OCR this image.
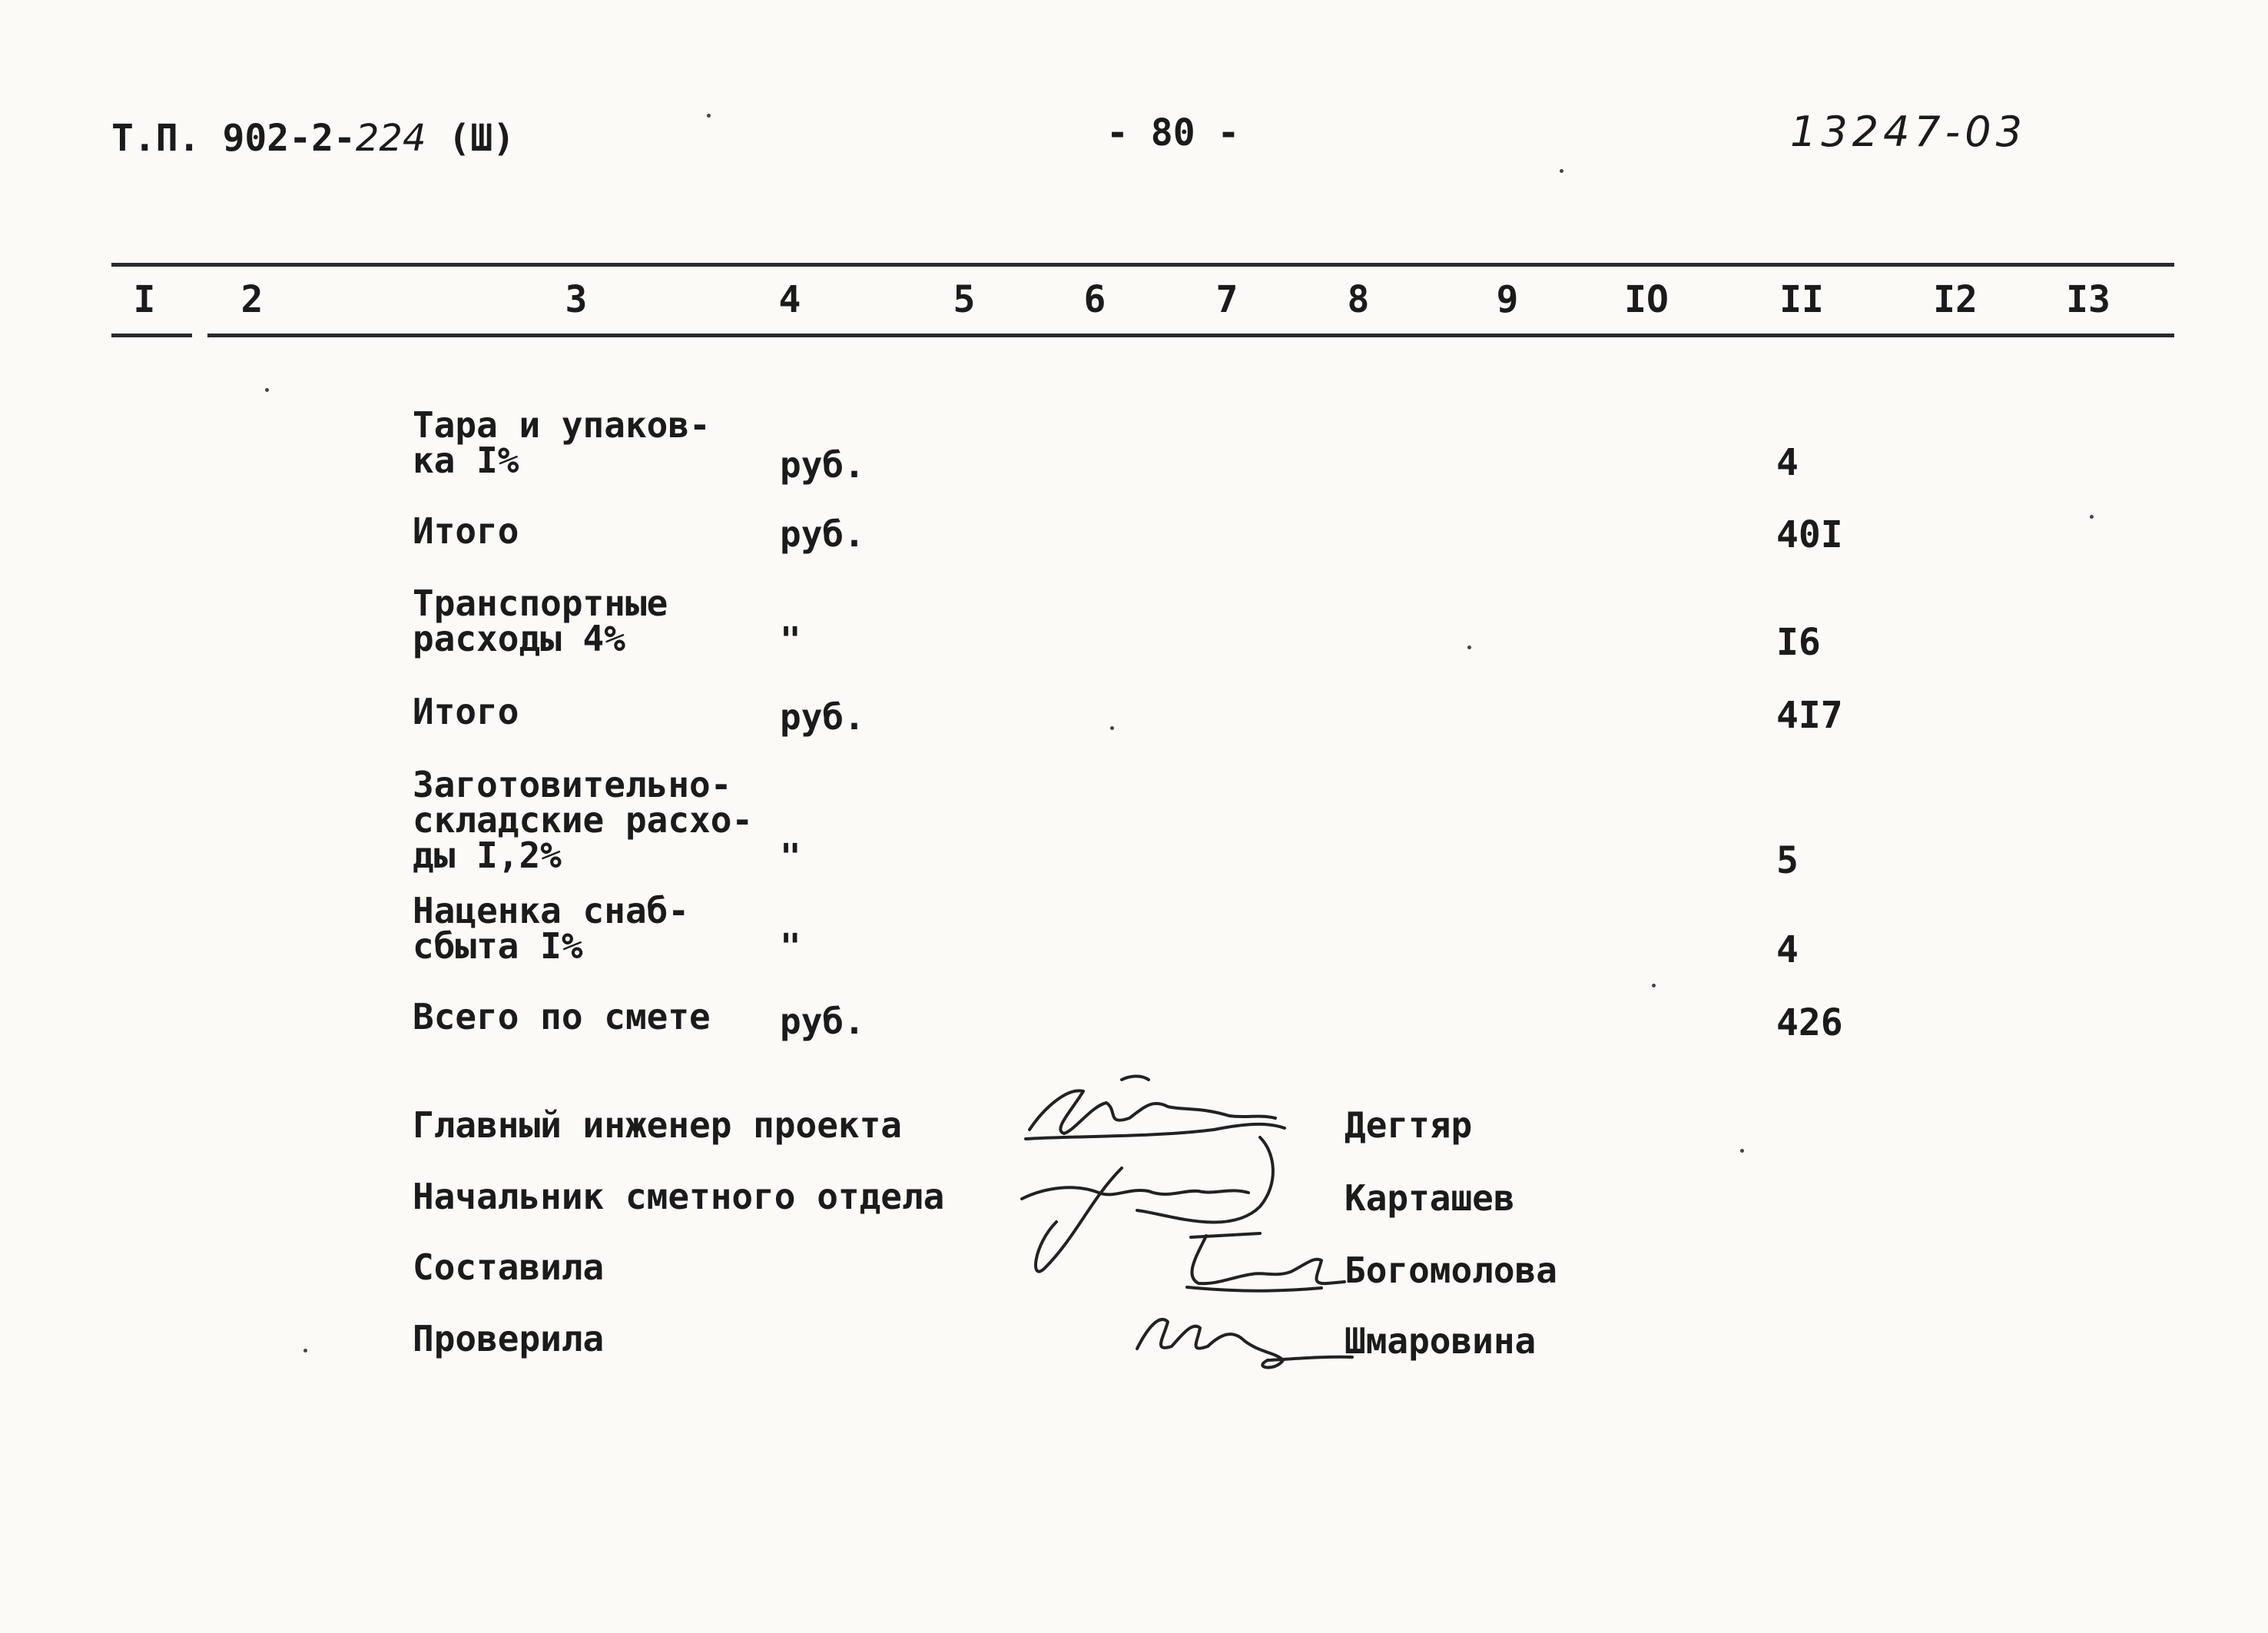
Т.П. 902-2-224 (Ш)	- 80 -	13247-03
I 2	3	4	5	6	7	8	9	IO	II	I2 I3
Тара и упаков-
ка I%	руб.	4
Итого	руб.	40I
Транспортные
расходы 4%	"	I6
Итого	руб.	4I7
Заготовительно-
складские расхо-
ды I,2%	"	5
Наценка снаб-
сбыта I%	"	4
Всего по смете руб.	426
Главный инженер проекта	Дегтяр
Начальник сметного отдела	Карташев
Составила	Богомолова
Проверила	Шмаровина
